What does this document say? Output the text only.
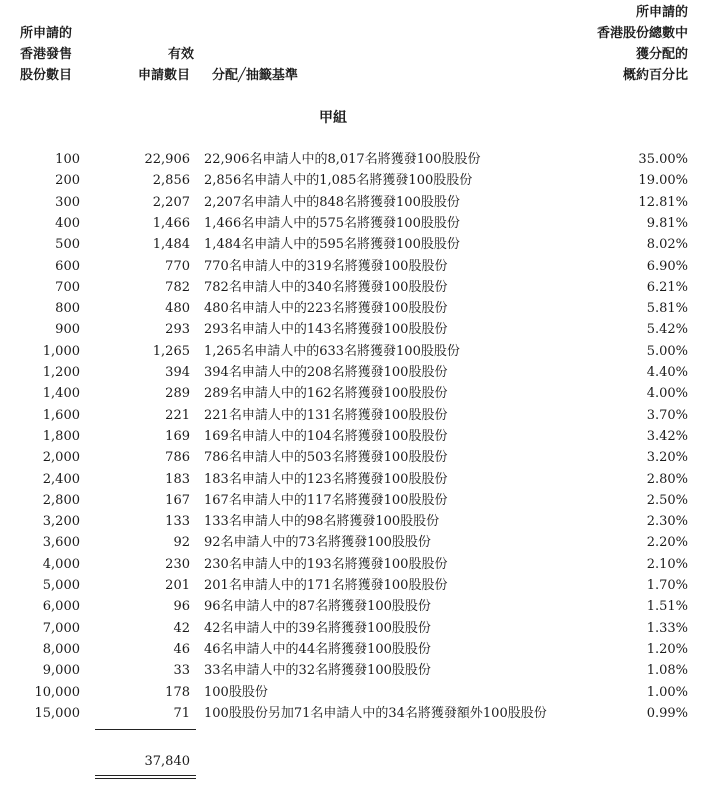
所申請的
香港發售
股份數目
有效
申請數目 分配╱抽籤基準
所申請的
香港股份總數中
獲分配的
概約百分比
甲組
100	22,906 22,906名申請人中的8,017名將獲發100股股份	35.00%
200	2,856 2,856名申請人中的1,085名將獲發100股股份	19.00%
300	2,207 2,207名申請人中的848名將獲發100股股份	12.81%
400	1,466 1,466名申請人中的575名將獲發100股股份	9.81%
500	1,484 1,484名申請人中的595名將獲發100股股份	8.02%
600	770 770名申請人中的319名將獲發100股股份	6.90%
700	782 782名申請人中的340名將獲發100股股份	6.21%
800	480 480名申請人中的223名將獲發100股股份	5.81%
900	293 293名申請人中的143名將獲發100股股份	5.42%
1,000	1,265 1,265名申請人中的633名將獲發100股股份	5.00%
1,200	394 394名申請人中的208名將獲發100股股份	4.40%
1,400	289 289名申請人中的162名將獲發100股股份	4.00%
1,600	221 221名申請人中的131名將獲發100股股份	3.70%
1,800	169 169名申請人中的104名將獲發100股股份	3.42%
2,000	786 786名申請人中的503名將獲發100股股份	3.20%
2,400	183 183名申請人中的123名將獲發100股股份	2.80%
2,800	167 167名申請人中的117名將獲發100股股份	2.50%
3,200	133 133名申請人中的98名將獲發100股股份	2.30%
3,600	92 92名申請人中的73名將獲發100股股份	2.20%
4,000	230 230名申請人中的193名將獲發100股股份	2.10%
5,000	201 201名申請人中的171名將獲發100股股份	1.70%
6,000	96 96名申請人中的87名將獲發100股股份	1.51%
7,000	42 42名申請人中的39名將獲發100股股份	1.33%
8,000	46 46名申請人中的44名將獲發100股股份	1.20%
9,000	33 33名申請人中的32名將獲發100股股份	1.08%
10,000	178 100股股份	1.00%
15,000	71 100股股份另加71名申請人中的34名將獲發額外100股股份	0.99%
37,840
